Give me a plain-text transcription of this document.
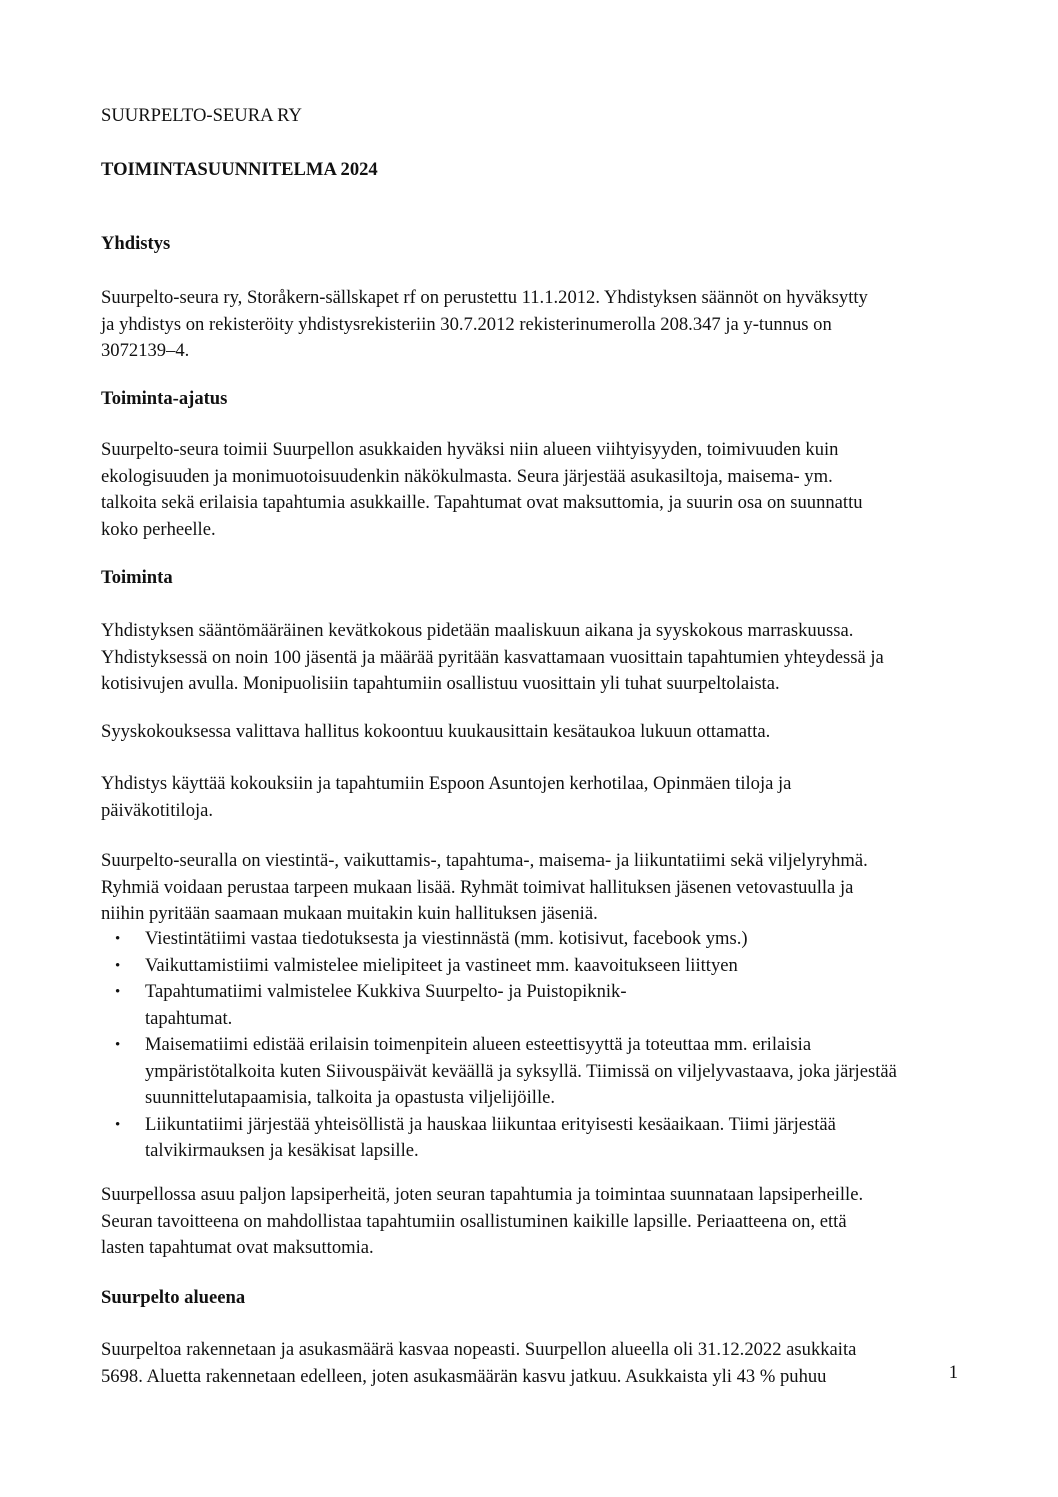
SUURPELTO-SEURA RY

TOIMINTASUUNNITELMA 2024

Yhdistys

Suurpelto-seura ry, Storåkern-sällskapet rf on perustettu 11.1.2012. Yhdistyksen säännöt on hyväksytty

ja yhdistys on rekisteröity yhdistysrekisteriin 30.7.2012 rekisterinumerolla 208.347 ja y-tunnus on

3072139–4.

Toiminta-ajatus

Suurpelto-seura toimii Suurpellon asukkaiden hyväksi niin alueen viihtyisyyden, toimivuuden kuin

ekologisuuden ja monimuotoisuudenkin näkökulmasta. Seura järjestää asukasiltoja, maisema- ym.

talkoita sekä erilaisia tapahtumia asukkaille. Tapahtumat ovat maksuttomia, ja suurin osa on suunnattu

koko perheelle.

Toiminta

Yhdistyksen sääntömääräinen kevätkokous pidetään maaliskuun aikana ja syyskokous marraskuussa.

Yhdistyksessä on noin 100 jäsentä ja määrää pyritään kasvattamaan vuosittain tapahtumien yhteydessä ja

kotisivujen avulla. Monipuolisiin tapahtumiin osallistuu vuosittain yli tuhat suurpeltolaista.

Syyskokouksessa valittava hallitus kokoontuu kuukausittain kesätaukoa lukuun ottamatta.

Yhdistys käyttää kokouksiin ja tapahtumiin Espoon Asuntojen kerhotilaa, Opinmäen tiloja ja

päiväkotitiloja.

Suurpelto-seuralla on viestintä-, vaikuttamis-, tapahtuma-, maisema- ja liikuntatiimi sekä viljelyryhmä.

Ryhmiä voidaan perustaa tarpeen mukaan lisää. Ryhmät toimivat hallituksen jäsenen vetovastuulla ja

niihin pyritään saamaan mukaan muitakin kuin hallituksen jäseniä.

• Viestintätiimi vastaa tiedotuksesta ja viestinnästä (mm. kotisivut, facebook yms.)

• Vaikuttamistiimi valmistelee mielipiteet ja vastineet mm. kaavoitukseen liittyen

• Tapahtumatiimi valmistelee Kukkiva Suurpelto- ja Puistopiknik-

tapahtumat.

• Maisematiimi edistää erilaisin toimenpitein alueen esteettisyyttä ja toteuttaa mm. erilaisia

ympäristötalkoita kuten Siivouspäivät keväällä ja syksyllä. Tiimissä on viljelyvastaava, joka järjestää

suunnittelutapaamisia, talkoita ja opastusta viljelijöille.

• Liikuntatiimi järjestää yhteisöllistä ja hauskaa liikuntaa erityisesti kesäaikaan. Tiimi järjestää

talvikirmauksen ja kesäkisat lapsille.

Suurpellossa asuu paljon lapsiperheitä, joten seuran tapahtumia ja toimintaa suunnataan lapsiperheille.

Seuran tavoitteena on mahdollistaa tapahtumiin osallistuminen kaikille lapsille. Periaatteena on, että

lasten tapahtumat ovat maksuttomia.

Suurpelto alueena

Suurpeltoa rakennetaan ja asukasmäärä kasvaa nopeasti. Suurpellon alueella oli 31.12.2022 asukkaita

5698. Aluetta rakennetaan edelleen, joten asukasmäärän kasvu jatkuu. Asukkaista yli 43 % puhuu	1
